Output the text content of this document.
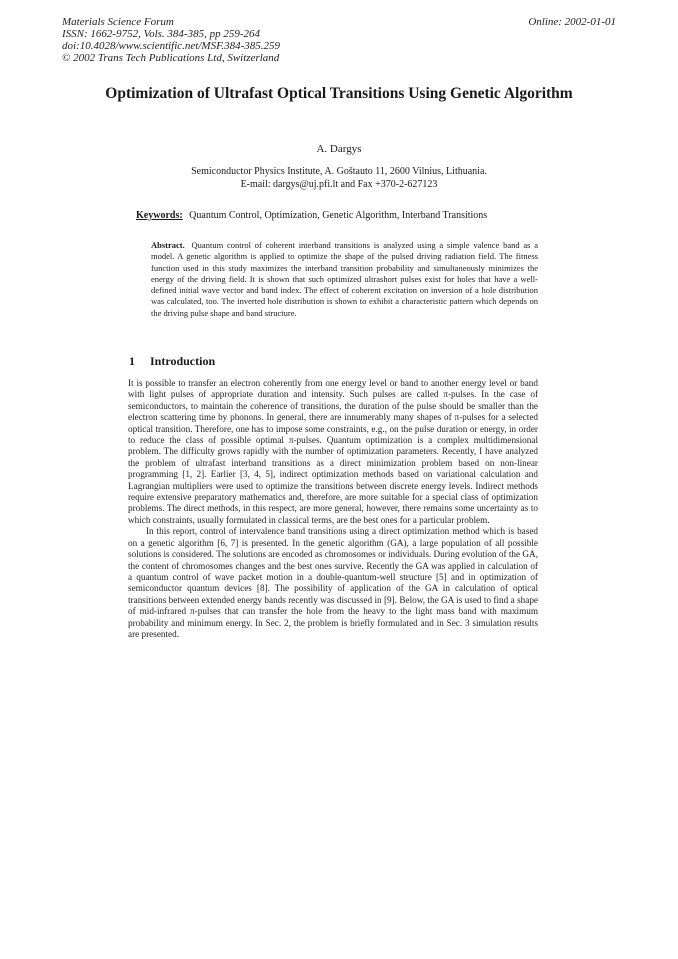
Materials Science Forum
ISSN: 1662-9752, Vols. 384-385, pp 259-264
doi:10.4028/www.scientific.net/MSF.384-385.259
© 2002 Trans Tech Publications Ltd, Switzerland
Online: 2002-01-01
Optimization of Ultrafast Optical Transitions Using Genetic Algorithm
A. Dargys
Semiconductor Physics Institute, A. Goštauto 11, 2600 Vilnius, Lithuania.
E-mail: dargys@uj.pfi.lt and Fax +370-2-627123
Keywords: Quantum Control, Optimization, Genetic Algorithm, Interband Transitions
Abstract. Quantum control of coherent interband transitions is analyzed using a simple valence band as a model. A genetic algorithm is applied to optimize the shape of the pulsed driving radiation field. The fitness function used in this study maximizes the interband transition probability and simultaneously minimizes the energy of the driving field. It is shown that such optimized ultrashort pulses exist for holes that have a well-defined initial wave vector and band index. The effect of coherent excitation on inversion of a hole distribution was calculated, too. The inverted hole distribution is shown to exhibit a characteristic pattern which depends on the driving pulse shape and band structure.
1 Introduction

It is possible to transfer an electron coherently from one energy level or band to another energy level or band with light pulses of appropriate duration and intensity. Such pulses are called π-pulses. In the case of semiconductors, to maintain the coherence of transitions, the duration of the pulse should be smaller than the electron scattering time by phonons. In general, there are innumerably many shapes of π-pulses for a selected optical transition. Therefore, one has to impose some constraints, e.g., on the pulse duration or energy, in order to reduce the class of possible optimal π-pulses. Quantum optimization is a complex multidimensional problem. The difficulty grows rapidly with the number of optimization parameters. Recently, I have analyzed the problem of ultrafast interband transitions as a direct minimization problem based on non-linear programming [1, 2]. Earlier [3, 4, 5], indirect optimization methods based on variational calculation and Lagrangian multipliers were used to optimize the transitions between discrete energy levels. Indirect methods require extensive preparatory mathematics and, therefore, are more suitable for a special class of optimization problems. The direct methods, in this respect, are more general, however, there remains some uncertainty as to which constraints, usually formulated in classical terms, are the best ones for a particular problem.

In this report, control of intervalence band transitions using a direct optimization method which is based on a genetic algorithm [6, 7] is presented. In the genetic algorithm (GA), a large population of all possible solutions is considered. The solutions are encoded as chromosomes or individuals. During evolution of the GA, the content of chromosomes changes and the best ones survive. Recently the GA was applied in calculation of a quantum control of wave packet motion in a double-quantum-well structure [5] and in optimization of semiconductor quantum devices [8]. The possibility of application of the GA in calculation of optical transitions between extended energy bands recently was discussed in [9]. Below, the GA is used to find a shape of mid-infrared π-pulses that can transfer the hole from the heavy to the light mass band with maximum probability and minimum energy. In Sec. 2, the problem is briefly formulated and in Sec. 3 simulation results are presented.
